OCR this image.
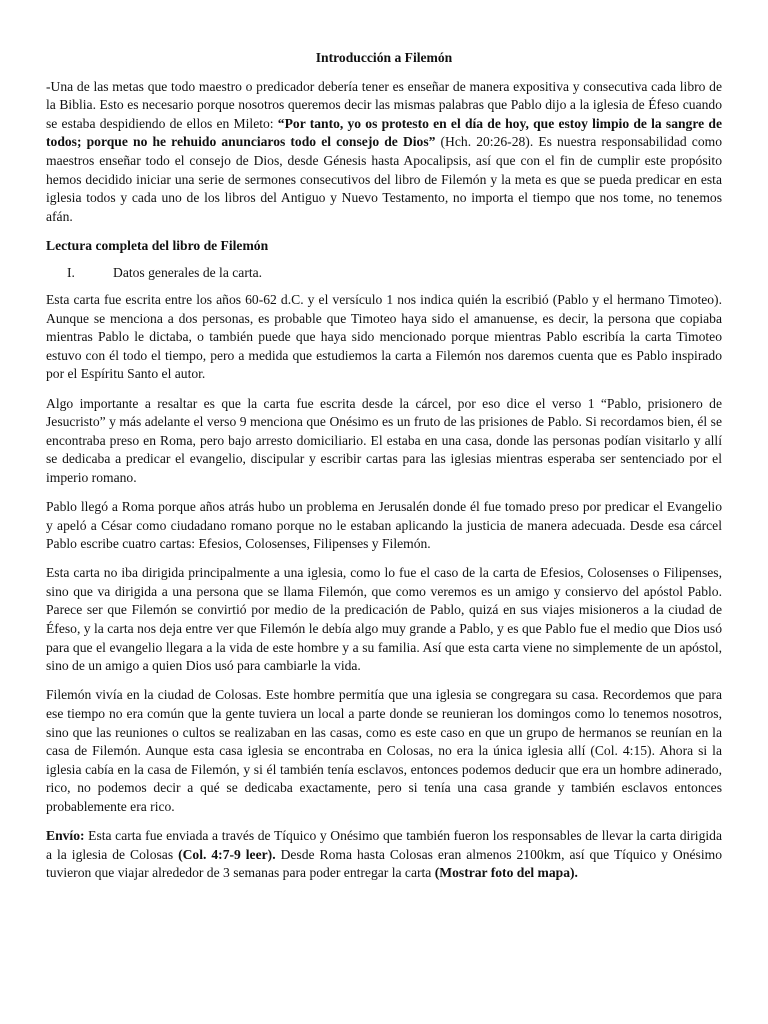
Introducción a Filemón

-Una de las metas que todo maestro o predicador debería tener es enseñar de manera expositiva y consecutiva cada libro de la Biblia. Esto es necesario porque nosotros queremos decir las mismas palabras que Pablo dijo a la iglesia de Éfeso cuando se estaba despidiendo de ellos en Mileto: “Por tanto, yo os protesto en el día de hoy, que estoy limpio de la sangre de todos; porque no he rehuido anunciaros todo el consejo de Dios” (Hch. 20:26-28). Es nuestra responsabilidad como maestros enseñar todo el consejo de Dios, desde Génesis hasta Apocalipsis, así que con el fin de cumplir este propósito hemos decidido iniciar una serie de sermones consecutivos del libro de Filemón y la meta es que se pueda predicar en esta iglesia todos y cada uno de los libros del Antiguo y Nuevo Testamento, no importa el tiempo que nos tome, no tenemos afán.

Lectura completa del libro de Filemón
I.	Datos generales de la carta.

Esta carta fue escrita entre los años 60-62 d.C. y el versículo 1 nos indica quién la escribió (Pablo y el hermano Timoteo). Aunque se menciona a dos personas, es probable que Timoteo haya sido el amanuense, es decir, la persona que copiaba mientras Pablo le dictaba, o también puede que haya sido mencionado porque mientras Pablo escribía la carta Timoteo estuvo con él todo el tiempo, pero a medida que estudiemos la carta a Filemón nos daremos cuenta que es Pablo inspirado por el Espíritu Santo el autor.

Algo importante a resaltar es que la carta fue escrita desde la cárcel, por eso dice el verso 1 “Pablo, prisionero de Jesucristo” y más adelante el verso 9 menciona que Onésimo es un fruto de las prisiones de Pablo. Si recordamos bien, él se encontraba preso en Roma, pero bajo arresto domiciliario. El estaba en una casa, donde las personas podían visitarlo y allí se dedicaba a predicar el evangelio, discipular y escribir cartas para las iglesias mientras esperaba ser sentenciado por el imperio romano.

Pablo llegó a Roma porque años atrás hubo un problema en Jerusalén donde él fue tomado preso por predicar el Evangelio y apeló a César como ciudadano romano porque no le estaban aplicando la justicia de manera adecuada. Desde esa cárcel Pablo escribe cuatro cartas: Efesios, Colosenses, Filipenses y Filemón.

Esta carta no iba dirigida principalmente a una iglesia, como lo fue el caso de la carta de Efesios, Colosenses o Filipenses, sino que va dirigida a una persona que se llama Filemón, que como veremos es un amigo y consiervo del apóstol Pablo. Parece ser que Filemón se convirtió por medio de la predicación de Pablo, quizá en sus viajes misioneros a la ciudad de Éfeso, y la carta nos deja entre ver que Filemón le debía algo muy grande a Pablo, y es que Pablo fue el medio que Dios usó para que el evangelio llegara a la vida de este hombre y a su familia. Así que esta carta viene no simplemente de un apóstol, sino de un amigo a quien Dios usó para cambiarle la vida.

Filemón vivía en la ciudad de Colosas. Este hombre permitía que una iglesia se congregara su casa. Recordemos que para ese tiempo no era común que la gente tuviera un local a parte donde se reunieran los domingos como lo tenemos nosotros, sino que las reuniones o cultos se realizaban en las casas, como es este caso en que un grupo de hermanos se reunían en la casa de Filemón. Aunque esta casa iglesia se encontraba en Colosas, no era la única iglesia allí (Col. 4:15). Ahora si la iglesia cabía en la casa de Filemón, y si él también tenía esclavos, entonces podemos deducir que era un hombre adinerado, rico, no podemos decir a qué se dedicaba exactamente, pero si tenía una casa grande y también esclavos entonces probablemente era rico.

Envío: Esta carta fue enviada a través de Tíquico y Onésimo que también fueron los responsables de llevar la carta dirigida a la iglesia de Colosas (Col. 4:7-9 leer). Desde Roma hasta Colosas eran almenos 2100km, así que Tíquico y Onésimo tuvieron que viajar alrededor de 3 semanas para poder entregar la carta (Mostrar foto del mapa).
